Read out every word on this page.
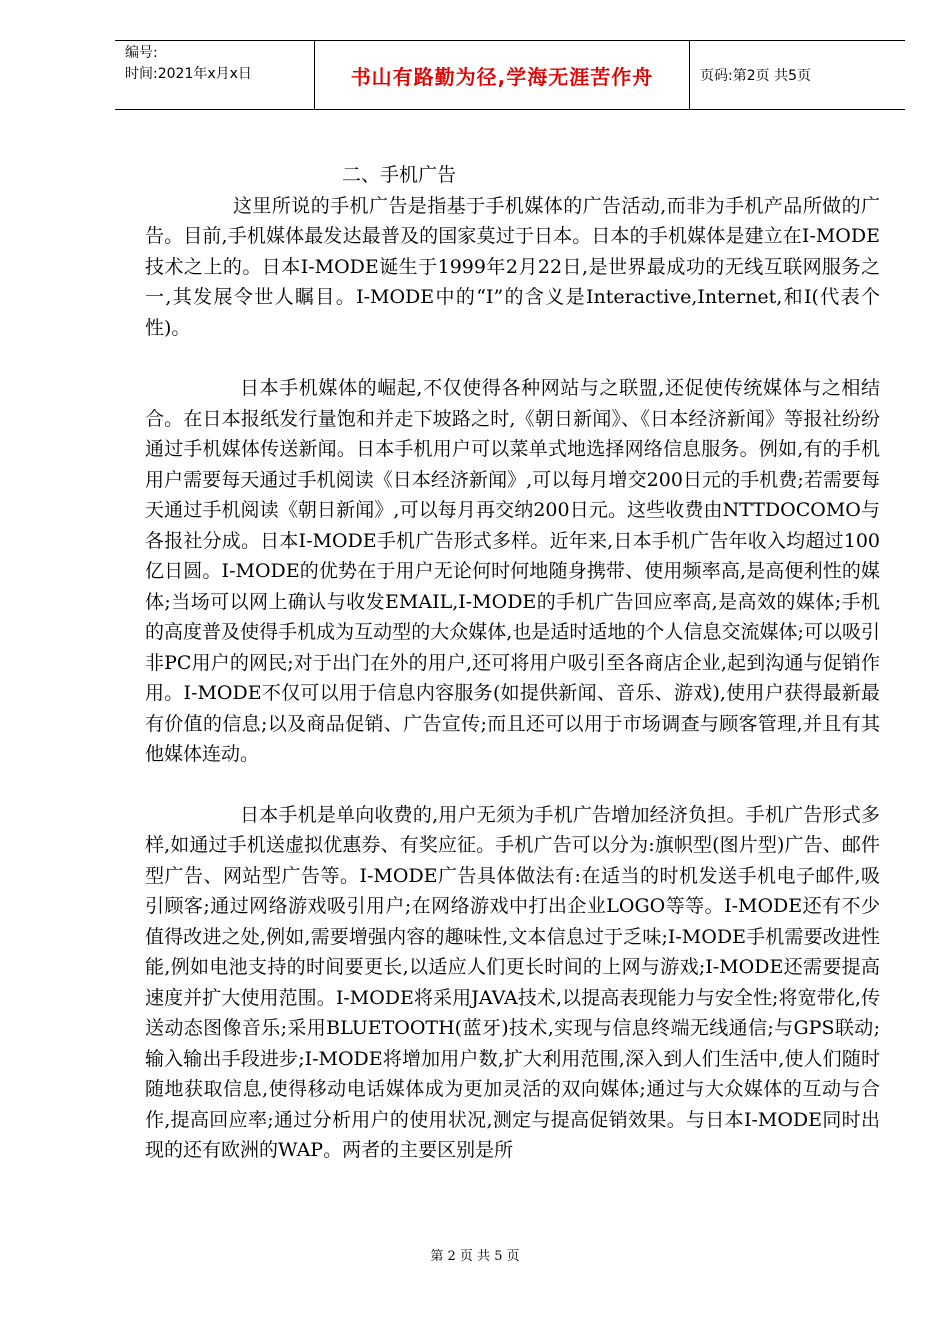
编号:
时间:2021年x月x日	书山有路勤为径,学海无涯苦作舟	页码:第2页 共5页
二、手机广告

这里所说的手机广告是指基于手机媒体的广告活动,而非为手机产品所做的广告。目前,手机媒体最发达最普及的国家莫过于日本。日本的手机媒体是建立在I-MODE技术之上的。日本I-MODE诞生于1999年2月22日,是世界最成功的无线互联网服务之一,其发展令世人瞩目。I-MODE中的“I”的含义是Interactive,Internet,和I(代表个性)。

日本手机媒体的崛起,不仅使得各种网站与之联盟,还促使传统媒体与之相结合。在日本报纸发行量饱和并走下坡路之时,《朝日新闻》、《日本经济新闻》等报社纷纷通过手机媒体传送新闻。日本手机用户可以菜单式地选择网络信息服务。例如,有的手机用户需要每天通过手机阅读《日本经济新闻》,可以每月增交200日元的手机费;若需要每天通过手机阅读《朝日新闻》,可以每月再交纳200日元。这些收费由NTTDOCOMO与各报社分成。日本I-MODE手机广告形式多样。近年来,日本手机广告年收入均超过100亿日圆。I-MODE的优势在于用户无论何时何地随身携带、使用频率高,是高便利性的媒体;当场可以网上确认与收发EMAIL,I-MODE的手机广告回应率高,是高效的媒体;手机的高度普及使得手机成为互动型的大众媒体,也是适时适地的个人信息交流媒体;可以吸引非PC用户的网民;对于出门在外的用户,还可将用户吸引至各商店企业,起到沟通与促销作用。I-MODE不仅可以用于信息内容服务(如提供新闻、音乐、游戏),使用户获得最新最有价值的信息;以及商品促销、广告宣传;而且还可以用于市场调查与顾客管理,并且有其他媒体连动。

日本手机是单向收费的,用户无须为手机广告增加经济负担。手机广告形式多样,如通过手机送虚拟优惠券、有奖应征。手机广告可以分为:旗帜型(图片型)广告、邮件型广告、网站型广告等。I-MODE广告具体做法有:在适当的时机发送手机电子邮件,吸引顾客;通过网络游戏吸引用户;在网络游戏中打出企业LOGO等等。I-MODE还有不少值得改进之处,例如,需要增强内容的趣味性,文本信息过于乏味;I-MODE手机需要改进性能,例如电池支持的时间要更长,以适应人们更长时间的上网与游戏;I-MODE还需要提高速度并扩大使用范围。I-MODE将采用JAVA技术,以提高表现能力与安全性;将宽带化,传送动态图像音乐;采用BLUETOOTH(蓝牙)技术,实现与信息终端无线通信;与GPS联动;输入输出手段进步;I-MODE将增加用户数,扩大利用范围,深入到人们生活中,使人们随时随地获取信息,使得移动电话媒体成为更加灵活的双向媒体;通过与大众媒体的互动与合作,提高回应率;通过分析用户的使用状况,测定与提高促销效果。与日本I-MODE同时出现的还有欧洲的WAP。两者的主要区别是所

第 2 页 共 5 页
